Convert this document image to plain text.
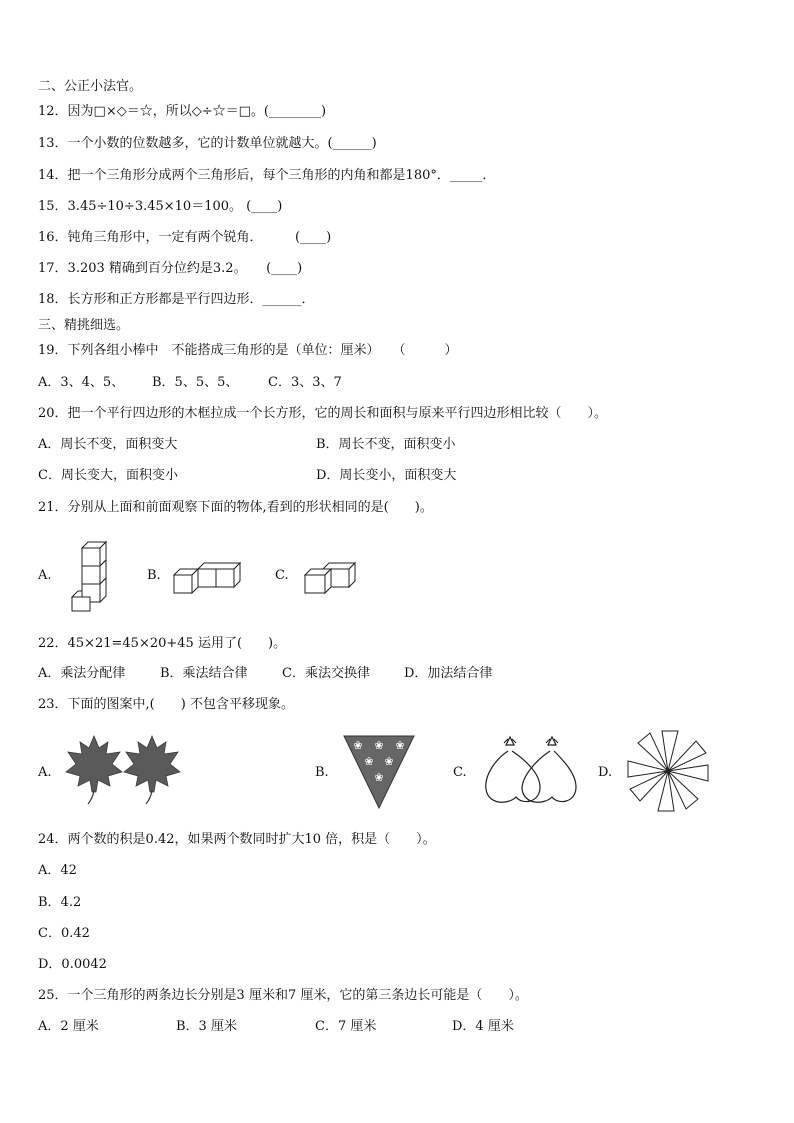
二、公正小法官。
12．因为□×◇＝☆，所以◇÷☆＝□。(________)
13．一个小数的位数越多，它的计数单位就越大。(______)
14．把一个三角形分成两个三角形后，每个三角形的内角和都是180°．_____．
15．3.45÷10÷3.45×10＝100。 (____)
16．钝角三角形中，一定有两个锐角．　　　(____)
17．3.203 精确到百分位约是3.2。　　(____)
18．长方形和正方形都是平行四边形．______．
三、精挑细选。
19．下列各组小棒中　不能搭成三角形的是（单位：厘米）　　（　　　）
A．3、4、5、 B．5、5、5、 C．3、3、7
20．把一个平行四边形的木框拉成一个长方形，它的周长和面积与原来平行四边形相比较（　　）。
A．周长不变，面积变大	B．周长不变，面积变小
C．周长变大，面积变小	D．周长变小，面积变大
21．分别从上面和前面观察下面的物体,看到的形状相同的是(　　)。
A.	B.	C.
22．45×21=45×20+45 运用了(　　)。
A．乘法分配律	B．乘法结合律	C．乘法交换律	D．加法结合律
23．下面的图案中,(　　) 不包含平移现象。
A.	B.
❀ ❀ ❀
❀ ❀
❀	C.	D.
24．两个数的积是0.42，如果两个数同时扩大10 倍，积是（　　）。
A．42
B．4.2
C．0.42
D．0.0042
25．一个三角形的两条边长分别是3 厘米和7 厘米，它的第三条边长可能是（　　）。
A．2 厘米	B．3 厘米	C．7 厘米	D．4 厘米
